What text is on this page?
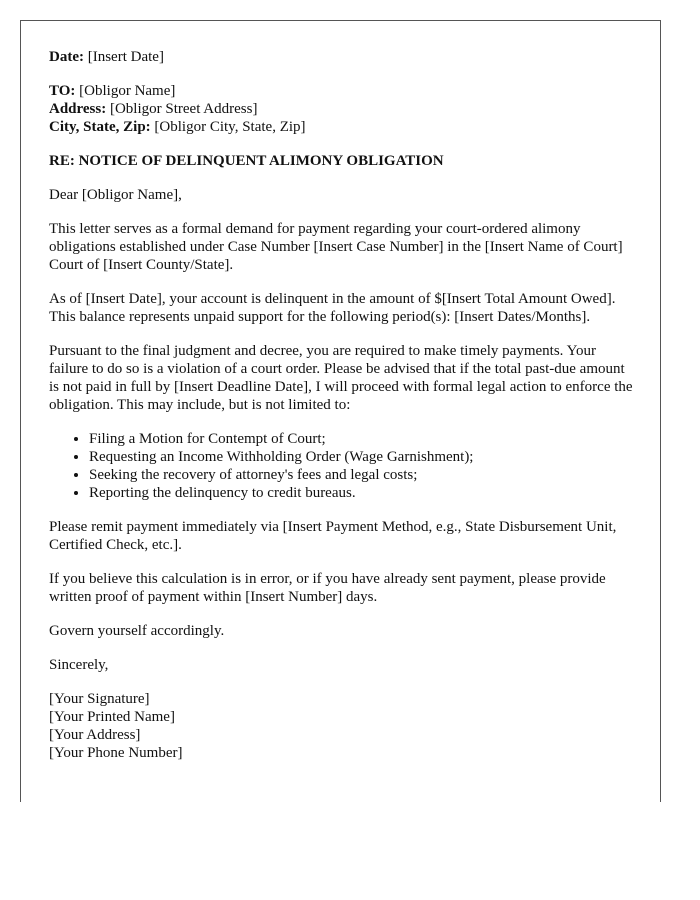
Date: [Insert Date]

TO: [Obligor Name]

Address: [Obligor Street Address]

City, State, Zip: [Obligor City, State, Zip]

RE: NOTICE OF DELINQUENT ALIMONY OBLIGATION

Dear [Obligor Name],

This letter serves as a formal demand for payment regarding your court-ordered alimony obligations established under Case Number [Insert Case Number] in the [Insert Name of Court] Court of [Insert County/State].

As of [Insert Date], your account is delinquent in the amount of $[Insert Total Amount Owed]. This balance represents unpaid support for the following period(s): [Insert Dates/Months].

Pursuant to the final judgment and decree, you are required to make timely payments. Your failure to do so is a violation of a court order. Please be advised that if the total past-due amount is not paid in full by [Insert Deadline Date], I will proceed with formal legal action to enforce the obligation. This may include, but is not limited to:

• Filing a Motion for Contempt of Court;
• Requesting an Income Withholding Order (Wage Garnishment);
• Seeking the recovery of attorney's fees and legal costs;
• Reporting the delinquency to credit bureaus.

Please remit payment immediately via [Insert Payment Method, e.g., State Disbursement Unit, Certified Check, etc.].

If you believe this calculation is in error, or if you have already sent payment, please provide written proof of payment within [Insert Number] days.

Govern yourself accordingly.

Sincerely,

[Your Signature]

[Your Printed Name]

[Your Address]

[Your Phone Number]
